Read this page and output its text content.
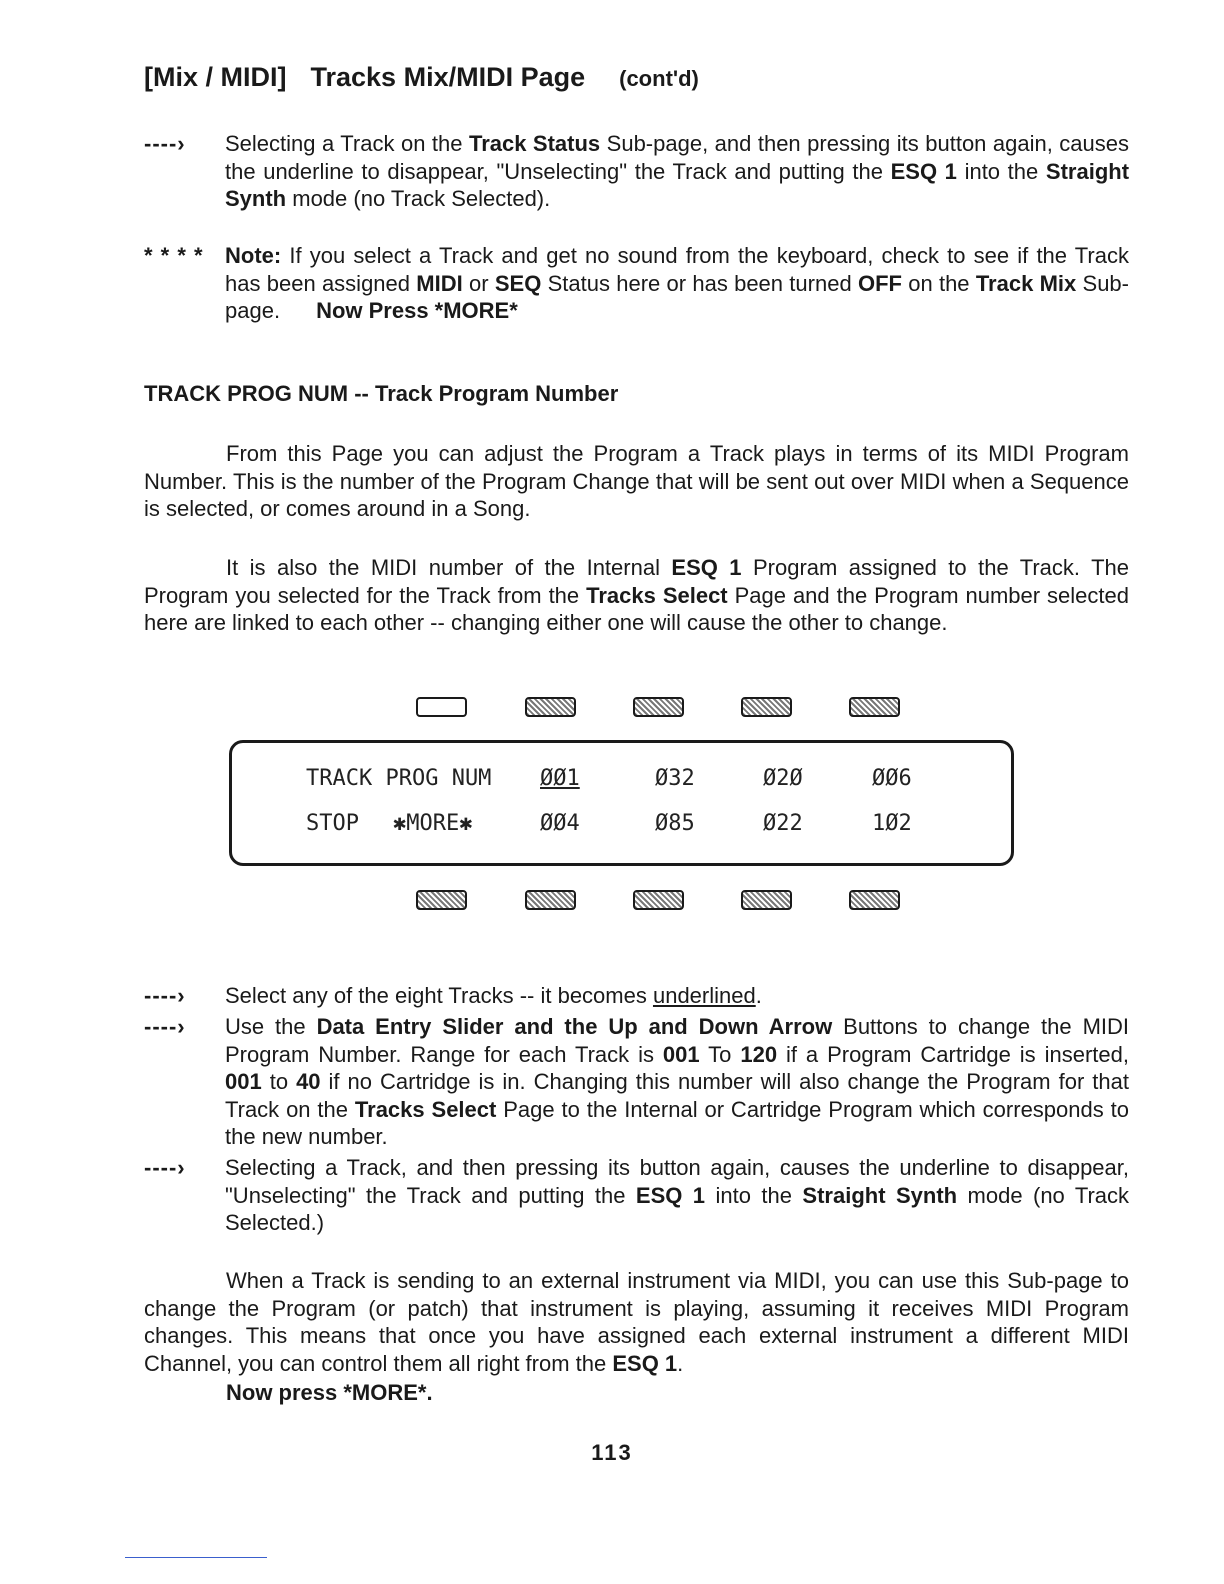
[Mix / MIDI] Tracks Mix/MIDI Page (cont'd)
----›	Selecting a Track on the Track Status Sub-page, and then pressing its button again, causes the underline to disappear, "Unselecting" the Track and putting the ESQ 1 into the Straight Synth mode (no Track Selected).
* * * * Note: If you select a Track and get no sound from the keyboard, check to see if the Track has been assigned MIDI or SEQ Status here or has been turned OFF on the Track Mix Sub-page. Now Press *MORE*
TRACK PROG NUM -- Track Program Number
From this Page you can adjust the Program a Track plays in terms of its MIDI Program Number. This is the number of the Program Change that will be sent out over MIDI when a Sequence is selected, or comes around in a Song.
It is also the MIDI number of the Internal ESQ 1 Program assigned to the Track. The Program you selected for the Track from the Tracks Select Page and the Program number selected here are linked to each other -- changing either one will cause the other to change.
TRACK PROG NUM ØØ1	Ø32	Ø2Ø	ØØ6
STOP ✱MORE✱	ØØ4	Ø85	Ø22	1Ø2
----›	Select any of the eight Tracks -- it becomes underlined.
----›	Use the Data Entry Slider and the Up and Down Arrow Buttons to change the MIDI Program Number. Range for each Track is 001 To 120 if a Program Cartridge is inserted, 001 to 40 if no Cartridge is in. Changing this number will also change the Program for that Track on the Tracks Select Page to the Internal or Cartridge Program which corresponds to the new number.
----›	Selecting a Track, and then pressing its button again, causes the underline to disappear, "Unselecting" the Track and putting the ESQ 1 into the Straight Synth mode (no Track Selected.)
When a Track is sending to an external instrument via MIDI, you can use this Sub-page to change the Program (or patch) that instrument is playing, assuming it receives MIDI Program changes. This means that once you have assigned each external instrument a different MIDI Channel, you can control them all right from the ESQ 1.
Now press *MORE*.
113
